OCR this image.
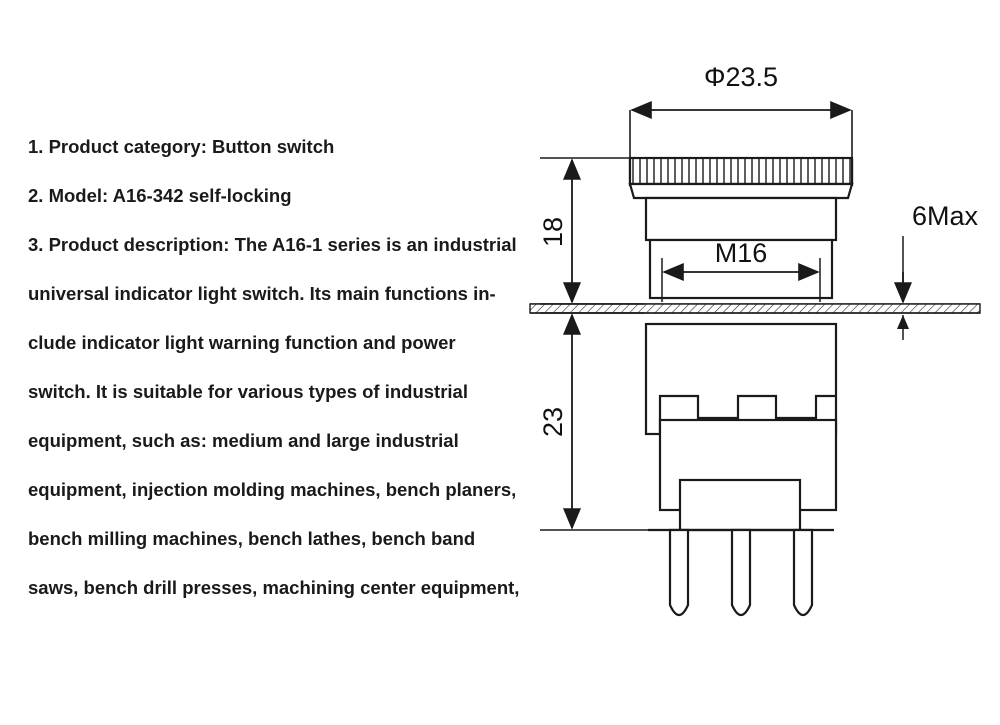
1. Product category: Button switch
2. Model: A16-342 self-locking
3. Product description: The A16-1 series is an industrial
universal indicator light switch. Its main functions in-
clude indicator light warning function and power
switch. It is suitable for various types of industrial
equipment, such as: medium and large industrial
equipment, injection molding machines, bench planers,
bench milling machines, bench lathes, bench band
saws, bench drill presses, machining center equipment,
Φ23.5
M16
6Max
18
23
